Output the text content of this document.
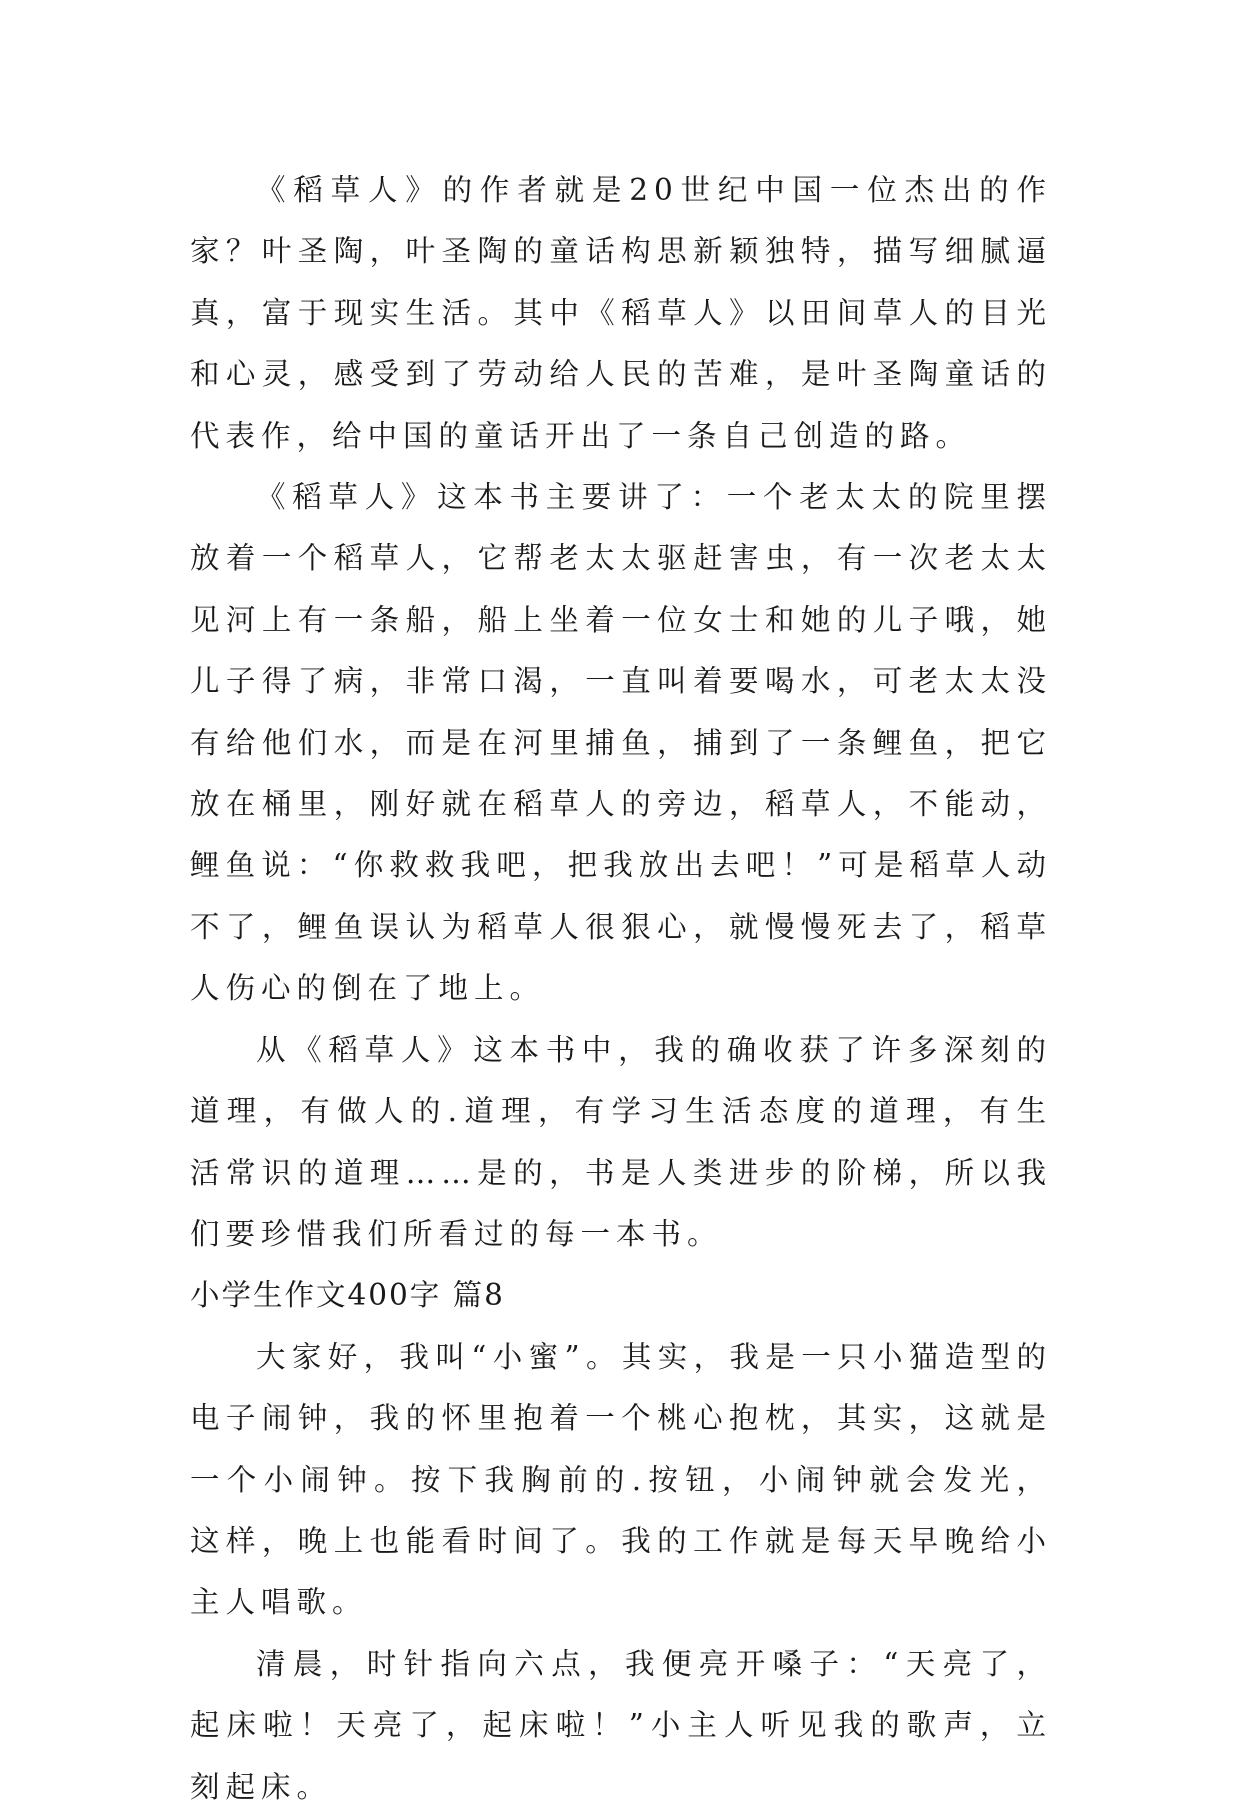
《稻草人》的作者就是20世纪中国一位杰出的作家？叶圣陶，叶圣陶的童话构思新颖独特，描写细腻逼真，富于现实生活。其中《稻草人》以田间草人的目光和心灵，感受到了劳动给人民的苦难，是叶圣陶童话的代表作，给中国的童话开出了一条自己创造的路。

《稻草人》这本书主要讲了：一个老太太的院里摆放着一个稻草人，它帮老太太驱赶害虫，有一次老太太见河上有一条船，船上坐着一位女士和她的儿子哦，她儿子得了病，非常口渴，一直叫着要喝水，可老太太没有给他们水，而是在河里捕鱼，捕到了一条鲤鱼，把它放在桶里，刚好就在稻草人的旁边，稻草人，不能动，鲤鱼说：“你救救我吧，把我放出去吧！”可是稻草人动不了，鲤鱼误认为稻草人很狠心，就慢慢死去了，稻草人伤心的倒在了地上。

从《稻草人》这本书中，我的确收获了许多深刻的道理，有做人的.道理，有学习生活态度的道理，有生活常识的道理……是的，书是人类进步的阶梯，所以我们要珍惜我们所看过的每一本书。

小学生作文400字 篇8

大家好，我叫“小蜜”。其实，我是一只小猫造型的电子闹钟，我的怀里抱着一个桃心抱枕，其实，这就是一个小闹钟。按下我胸前的.按钮，小闹钟就会发光，这样，晚上也能看时间了。我的工作就是每天早晚给小主人唱歌。

清晨，时针指向六点，我便亮开嗓子：“天亮了，起床啦！天亮了，起床啦！”小主人听见我的歌声，立刻起床。
